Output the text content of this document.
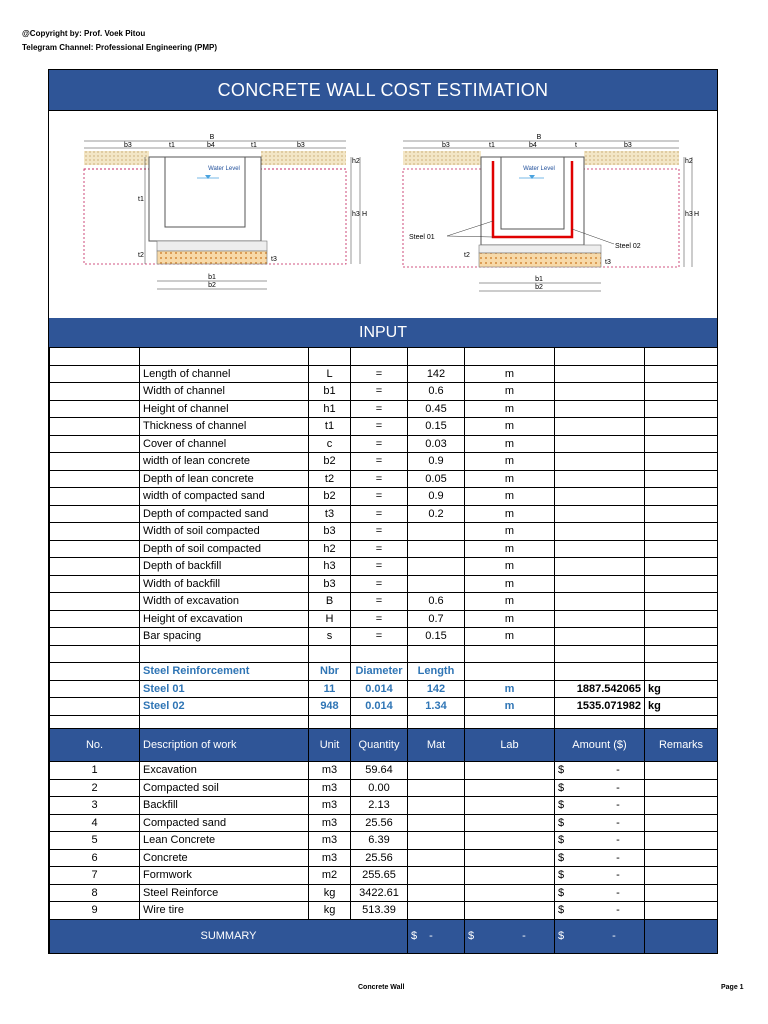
@Copyright by: Prof. Voek Pitou
Telegram Channel: Professional Engineering (PMP)
CONCRETE WALL COST ESTIMATION
B
b3	t1	b4	t1	b3
Water Level
h2
t1
h3 H
t2
t3
b1
b2
B
b3	t1	b4	t	b3
Water Level
h2
h3 H
t2
t3
Steel 01
Steel 02
b1
b2
INPUT

	Length of channel	L	=	142	m		
	Width of channel	b1	=	0.6	m		
	Height of channel	h1	=	0.45	m		
	Thickness of channel	t1	=	0.15	m		
	Cover of channel	c	=	0.03	m		
	width of lean concrete	b2	=	0.9	m		
	Depth of lean concrete	t2	=	0.05	m		
	width of compacted sand	b2	=	0.9	m		
	Depth of compacted sand	t3	=	0.2	m		
	Width of soil compacted	b3	=		m		
	Depth of soil compacted	h2	=		m		
	Depth of backfill	h3	=		m		
	Width of backfill	b3	=		m		
	Width of excavation	B	=	0.6	m		
	Height of excavation	H	=	0.7	m		
	Bar spacing	s	=	0.15	m		

	Steel Reinforcement	Nbr	Diameter	Length			
	Steel 01	11	0.014	142	m	1887.542065	kg
	Steel 02	948	0.014	1.34	m	1535.071982	kg

No.	Description of work	Unit	Quantity	Mat	Lab	Amount ($)	Remarks
1	Excavation	m3	59.64			$ -	
2	Compacted soil	m3	0.00			$ -	
3	Backfill	m3	2.13			$ -	
4	Compacted sand	m3	25.56			$ -	
5	Lean Concrete	m3	6.39			$ -	
6	Concrete	m3	25.56			$ -	
7	Formwork	m2	255.65			$ -	
8	Steel Reinforce	kg	3422.61			$ -	
9	Wire tire	kg	513.39			$ -	
SUMMARY				$ -	$ -	$ -	
Concrete Wall	Page 1
